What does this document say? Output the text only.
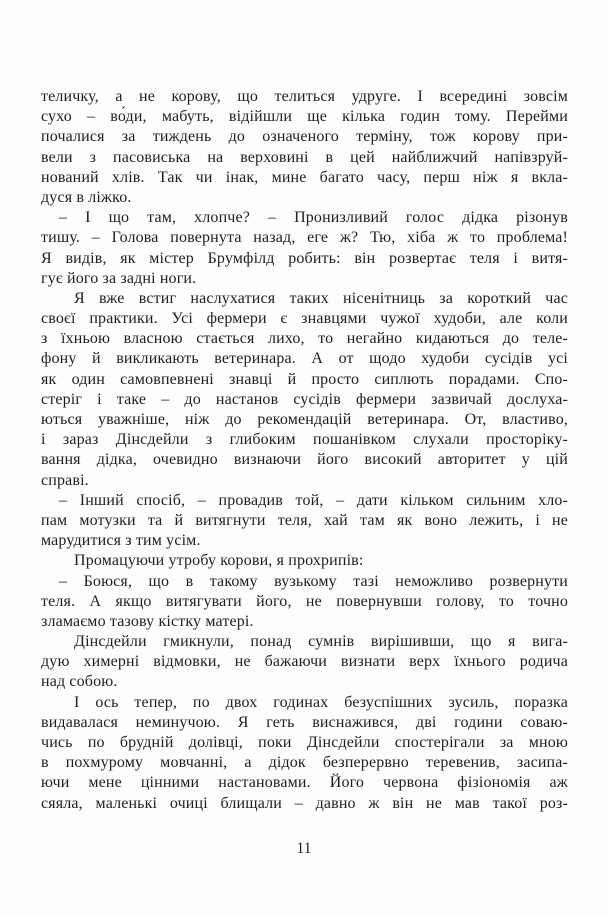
теличку, а не корову, що телиться удруге. І всередині зовсім
сухо – во́ди, мабуть, відійшли ще кілька годин тому. Перейми
почалися за тиждень до означеного терміну, тож корову при-
вели з пасовиська на верховині в цей найближчий напівзруй-
нований хлів. Так чи інак, мине багато часу, перш ніж я вкла-
дуся в ліжко.
– І що там, хлопче? – Пронизливий голос дідка різонув
тишу. – Голова повернута назад, еге ж? Тю, хіба ж то проблема!
Я видів, як містер Брумфілд робить: він розвертає теля і витя-
гує його за задні ноги.
Я вже встиг наслухатися таких нісенітниць за короткий час
своєї практики. Усі фермери є знавцями чужої худоби, але коли
з їхньою власною стається лихо, то негайно кидаються до теле-
фону й викликають ветеринара. А от щодо худоби сусідів усі
як один самовпевнені знавці й просто сиплють порадами. Спо-
стеріг і таке – до настанов сусідів фермери зазвичай дослуха-
ються уважніше, ніж до рекомендацій ветеринара. От, властиво,
і зараз Дінсдейли з глибоким пошанівком слухали просторіку-
вання дідка, очевидно визнаючи його високий авторитет у цій
справі.
– Інший спосіб, – провадив той, – дати кільком сильним хло-
пам мотузки та й витягнути теля, хай там як воно лежить, і не
марудитися з тим усім.
Промацуючи утробу корови, я прохрипів:
– Боюся, що в такому вузькому тазі неможливо розвернути
теля. А якщо витягувати його, не повернувши голову, то точно
зламаємо тазову кістку матері.
Дінсдейли гмикнули, понад сумнів вирішивши, що я вига-
дую химерні відмовки, не бажаючи визнати верх їхнього родича
над собою.
І ось тепер, по двох годинах безуспішних зусиль, поразка
видавалася неминучою. Я геть виснажився, дві години соваю-
чись по брудній долівці, поки Дінсдейли спостерігали за мною
в похмурому мовчанні, а дідок безперервно теревенив, засипа-
ючи мене цінними настановами. Його червона фізіономія аж
сяяла, маленькі очиці блищали – давно ж він не мав такої роз-
11
